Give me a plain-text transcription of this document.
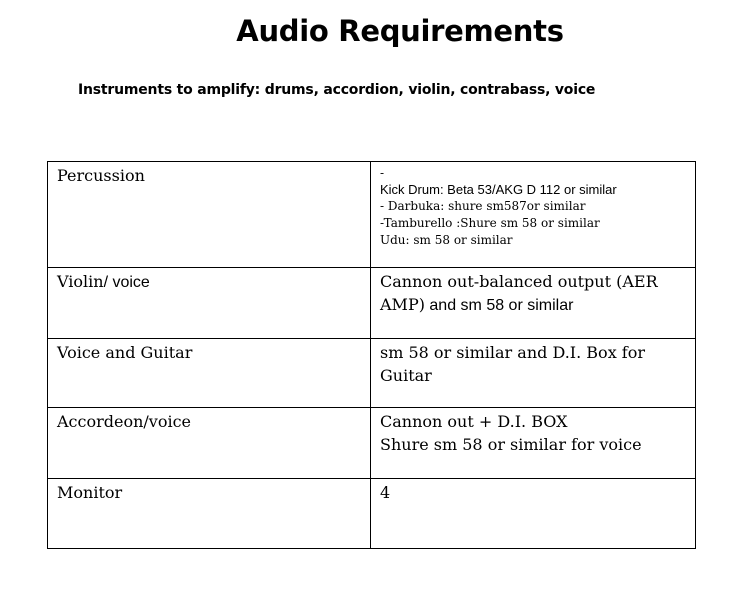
Audio Requirements

Instruments to amplify: drums, accordion, violin, contrabass, voice

Percussion	-
Kick Drum: Beta 53/AKG D 112 or similar
- Darbuka: shure sm587or similar
-Tamburello :Shure sm 58 or similar
Udu: sm 58 or similar

Violin/ voice	Cannon out-balanced output (AER AMP) and sm 58 or similar
Voice and Guitar	sm 58 or similar and D.I. Box for Guitar
Accordeon/voice	Cannon out + D.I. BOX
Shure sm 58 or similar for voice

Monitor	4
